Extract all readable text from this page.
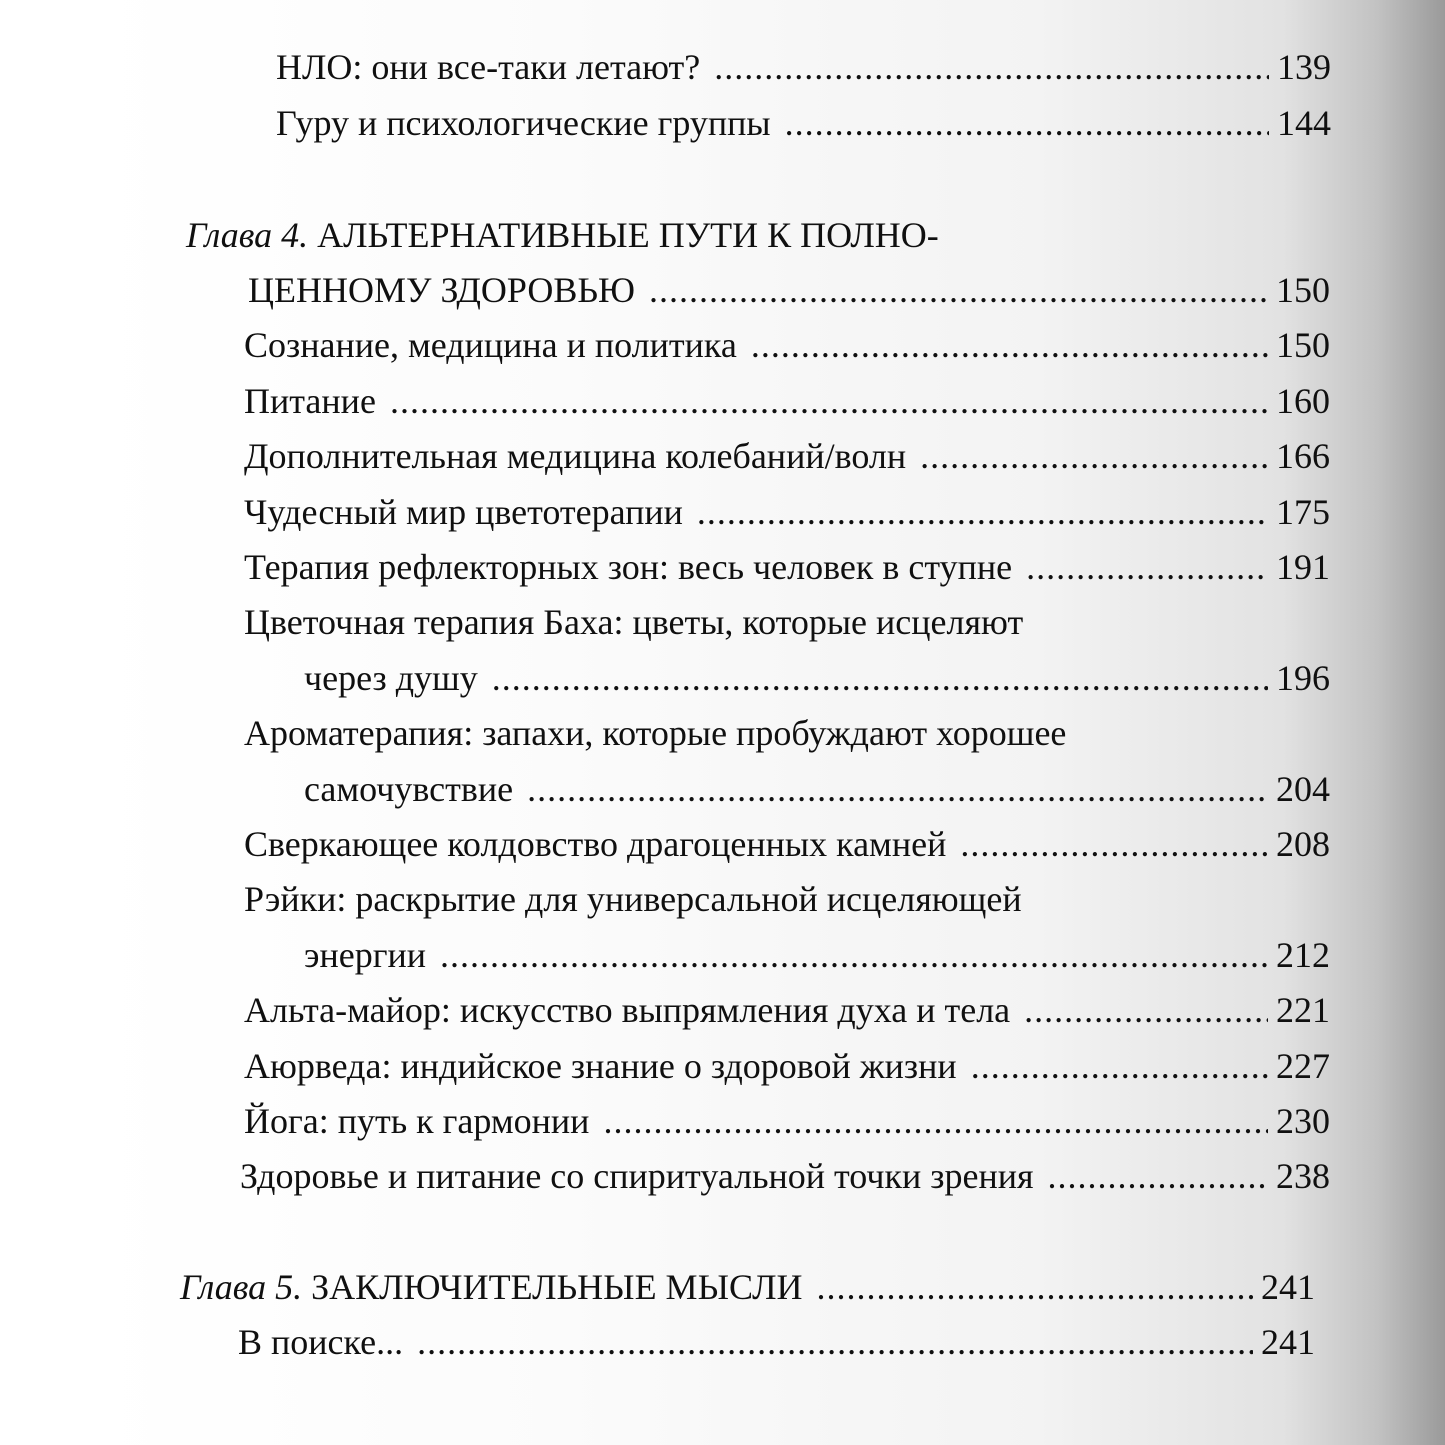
НЛО: они все-таки летают? .....	139
Гуру и психологические группы .....	144
Глава 4. АЛЬТЕРНАТИВНЫЕ ПУТИ К ПОЛНО-
ЦЕННОМУ ЗДОРОВЬЮ .....	150
Сознание, медицина и политика .....	150
Питание .....	160
Дополнительная медицина колебаний/волн .....	166
Чудесный мир цветотерапии .....	175
Терапия рефлекторных зон: весь человек в ступне .....	191
Цветочная терапия Баха: цветы, которые исцеляют
через душу .....	196
Ароматерапия: запахи, которые пробуждают хорошее
самочувствие .....	204
Сверкающее колдовство драгоценных камней .....	208
Рэйки: раскрытие для универсальной исцеляющей
энергии .....	212
Альта-майор: искусство выпрямления духа и тела .....	221
Аюрведа: индийское знание о здоровой жизни .....	227
Йога: путь к гармонии .....	230
Здоровье и питание со спиритуальной точки зрения .....	238
Глава 5. ЗАКЛЮЧИТЕЛЬНЫЕ МЫСЛИ .....	241
В поиске... .....	241
